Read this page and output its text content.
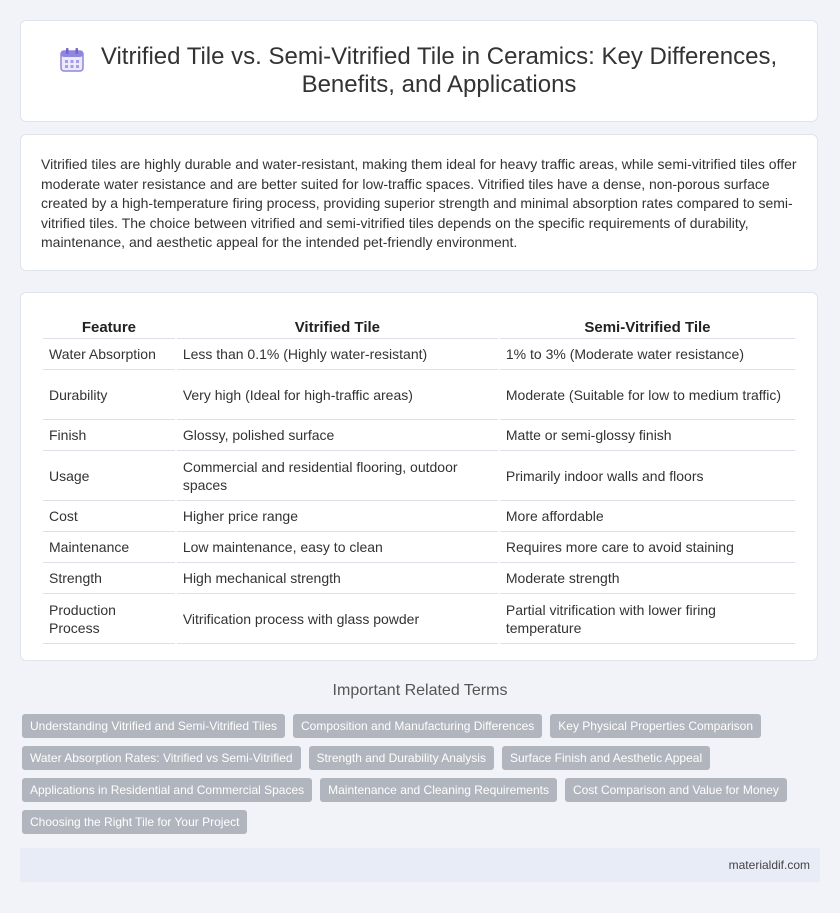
Vitrified Tile vs. Semi-Vitrified Tile in Ceramics: Key Differences, Benefits, and Applications

Vitrified tiles are highly durable and water-resistant, making them ideal for heavy traffic areas, while semi-vitrified tiles offer moderate water resistance and are better suited for low-traffic spaces. Vitrified tiles have a dense, non-porous surface created by a high-temperature firing process, providing superior strength and minimal absorption rates compared to semi-vitrified tiles. The choice between vitrified and semi-vitrified tiles depends on the specific requirements of durability, maintenance, and aesthetic appeal for the intended pet-friendly environment.

Feature	Vitrified Tile	Semi-Vitrified Tile
Water Absorption	Less than 0.1% (Highly water-resistant)	1% to 3% (Moderate water resistance)
Durability	Very high (Ideal for high-traffic areas)	Moderate (Suitable for low to medium traffic)
Finish	Glossy, polished surface	Matte or semi-glossy finish
Usage	Commercial and residential flooring, outdoor spaces	Primarily indoor walls and floors
Cost	Higher price range	More affordable
Maintenance	Low maintenance, easy to clean	Requires more care to avoid staining
Strength	High mechanical strength	Moderate strength
Production Process	Vitrification process with glass powder	Partial vitrification with lower firing temperature
Important Related Terms
Understanding Vitrified and Semi-Vitrified Tiles	Composition and Manufacturing Differences	Key Physical Properties Comparison
Water Absorption Rates: Vitrified vs Semi-Vitrified	Strength and Durability Analysis	Surface Finish and Aesthetic Appeal
Applications in Residential and Commercial Spaces	Maintenance and Cleaning Requirements	Cost Comparison and Value for Money
Choosing the Right Tile for Your Project
materialdif.com
